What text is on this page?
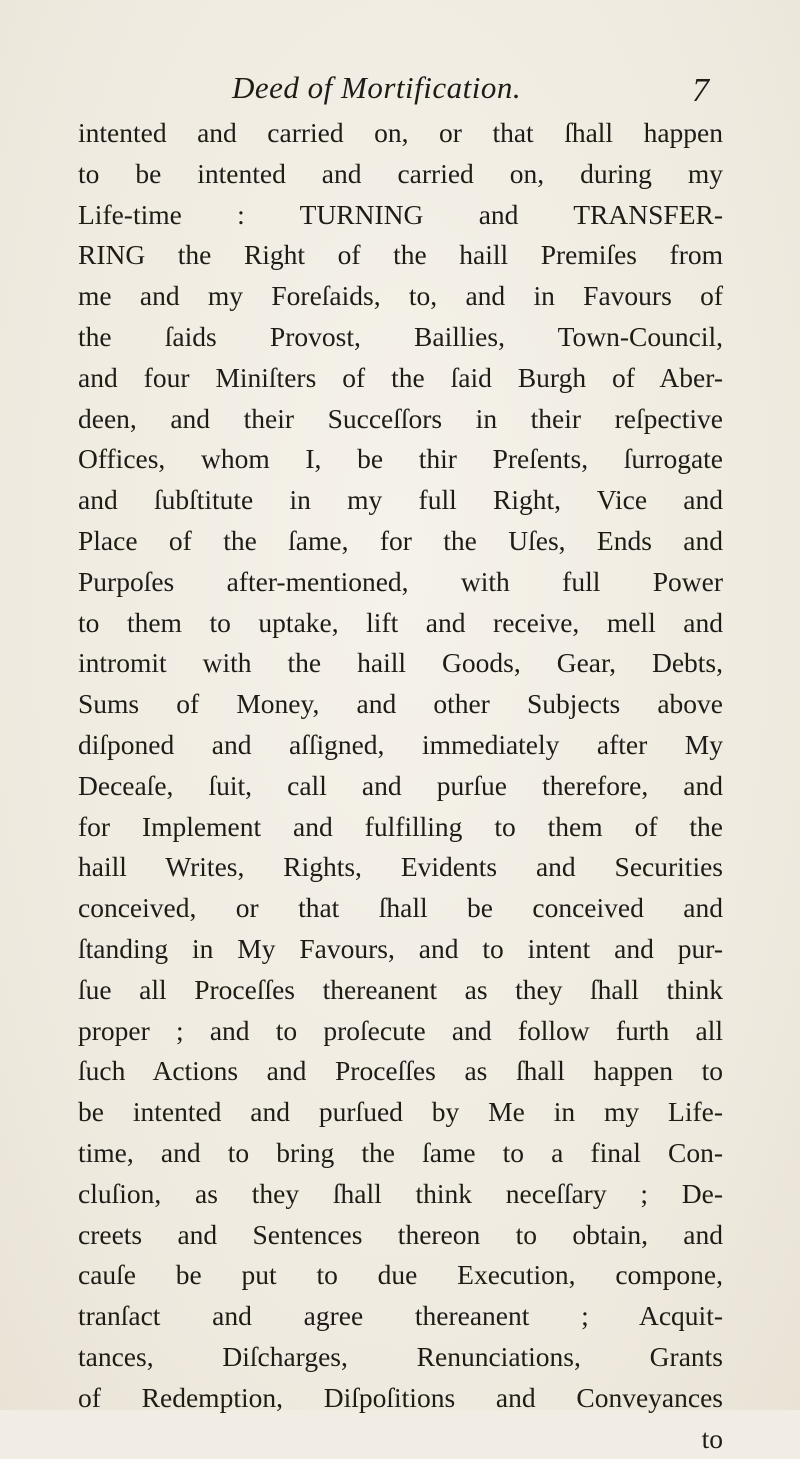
Deed of Mortification.	7
intented and carried on, or that ſhall happen
to be intented and carried on, during my
Life-time : TURNING and TRANSFER-
RING the Right of the haill Premiſes from
me and my Foreſaids, to, and in Favours of
the ſaids Provost, Baillies, Town-Council,
and four Miniſters of the ſaid Burgh of Aber-
deen, and their Succeſſors in their reſpective
Offices, whom I, be thir Preſents, ſurrogate
and ſubſtitute in my full Right, Vice and
Place of the ſame, for the Uſes, Ends and
Purpoſes after-mentioned, with full Power
to them to uptake, lift and receive, mell and
intromit with the haill Goods, Gear, Debts,
Sums of Money, and other Subjects above
diſponed and aſſigned, immediately after My
Deceaſe, ſuit, call and purſue therefore, and
for Implement and fulfilling to them of the
haill Writes, Rights, Evidents and Securities
conceived, or that ſhall be conceived and
ſtanding in My Favours, and to intent and pur-
ſue all Proceſſes thereanent as they ſhall think
proper ; and to proſecute and follow furth all
ſuch Actions and Proceſſes as ſhall happen to
be intented and purſued by Me in my Life-
time, and to bring the ſame to a final Con-
cluſion, as they ſhall think neceſſary ; De-
creets and Sentences thereon to obtain, and
cauſe be put to due Execution, compone,
tranſact and agree thereanent ; Acquit-
tances, Diſcharges, Renunciations, Grants
of Redemption, Diſpoſitions and Conveyances
to
